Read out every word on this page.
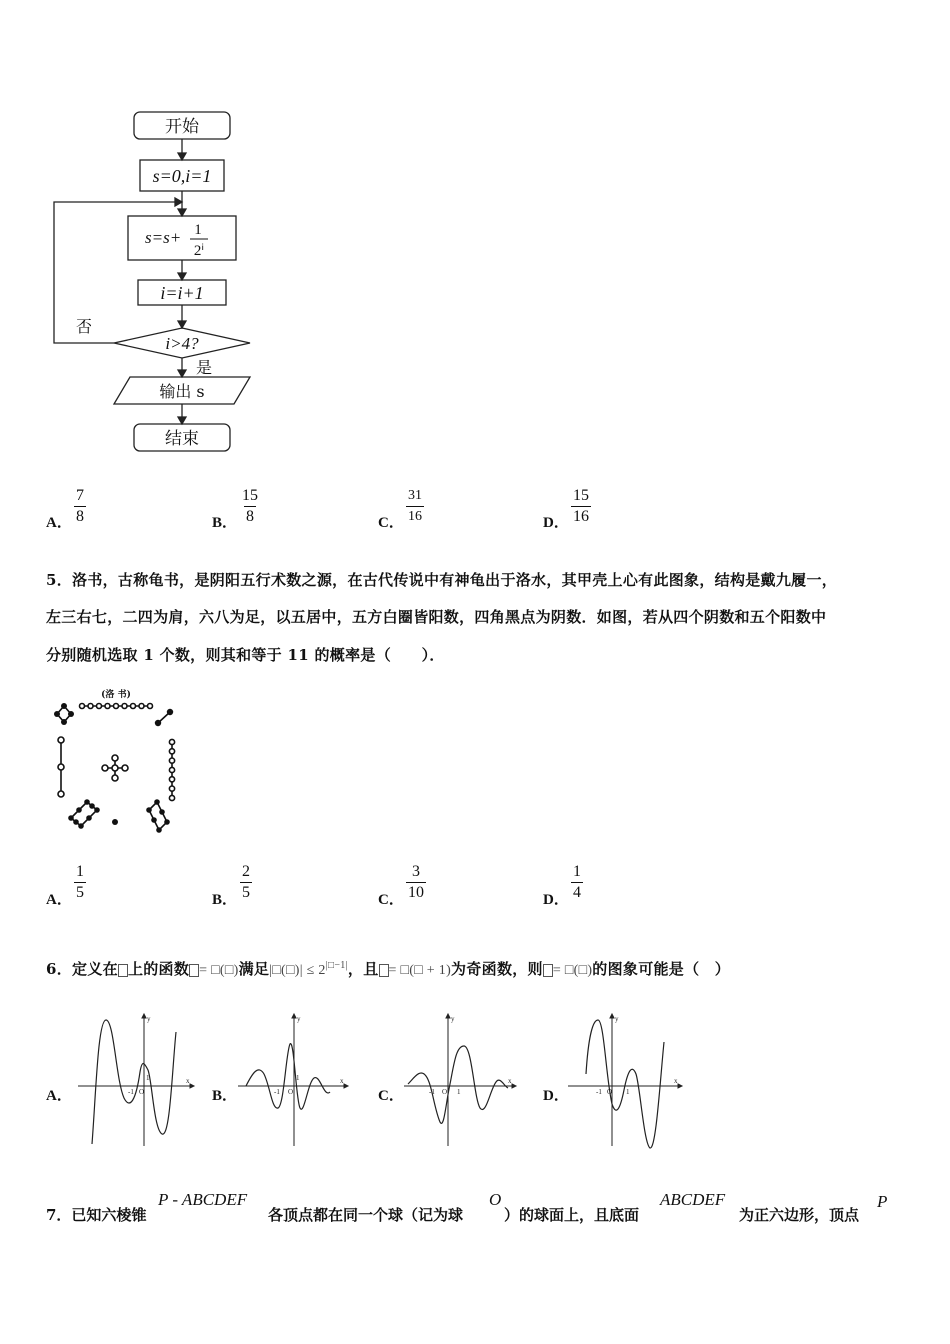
开始
s=0,i=1
s=s+ 1
2ⁱ
i=i+1
i>4?
否
是
输出 s
结束
A． $\frac{7}{8}$	B． $\frac{15}{8}$	C． $\frac{31}{16}$	D． $\frac{15}{16}$
5．洛书，古称龟书，是阴阳五行术数之源，在古代传说中有神龟出于洛水，其甲壳上心有此图象，结构是戴九履一，
左三右七，二四为肩，六八为足，以五居中，五方白圈皆阳数，四角黑点为阴数．如图，若从四个阴数和五个阳数中
分别随机选取 1 个数，则其和等于 11 的概率是（　　）．
(洛 书)
A． $\frac{1}{5}$	B． $\frac{2}{5}$	C． $\frac{3}{10}$	D． $\frac{1}{4}$
6．定义在 上的函数 = □(□)满足|□(□)| ≤ $2^{|□-1|}$，且 = □(□ + 1)为奇函数，则 = □(□)的图象可能是（　）
A．	B．	C．	D．
y
x
-1 O
1
y
x
-1 O
1
y
x
-1 O 1
y
x
-1 O 1
7．已知六棱锥
P - ABCDEF
各顶点都在同一个球（记为球
O
）的球面上，且底面
ABCDEF
为正六边形，顶点
P
